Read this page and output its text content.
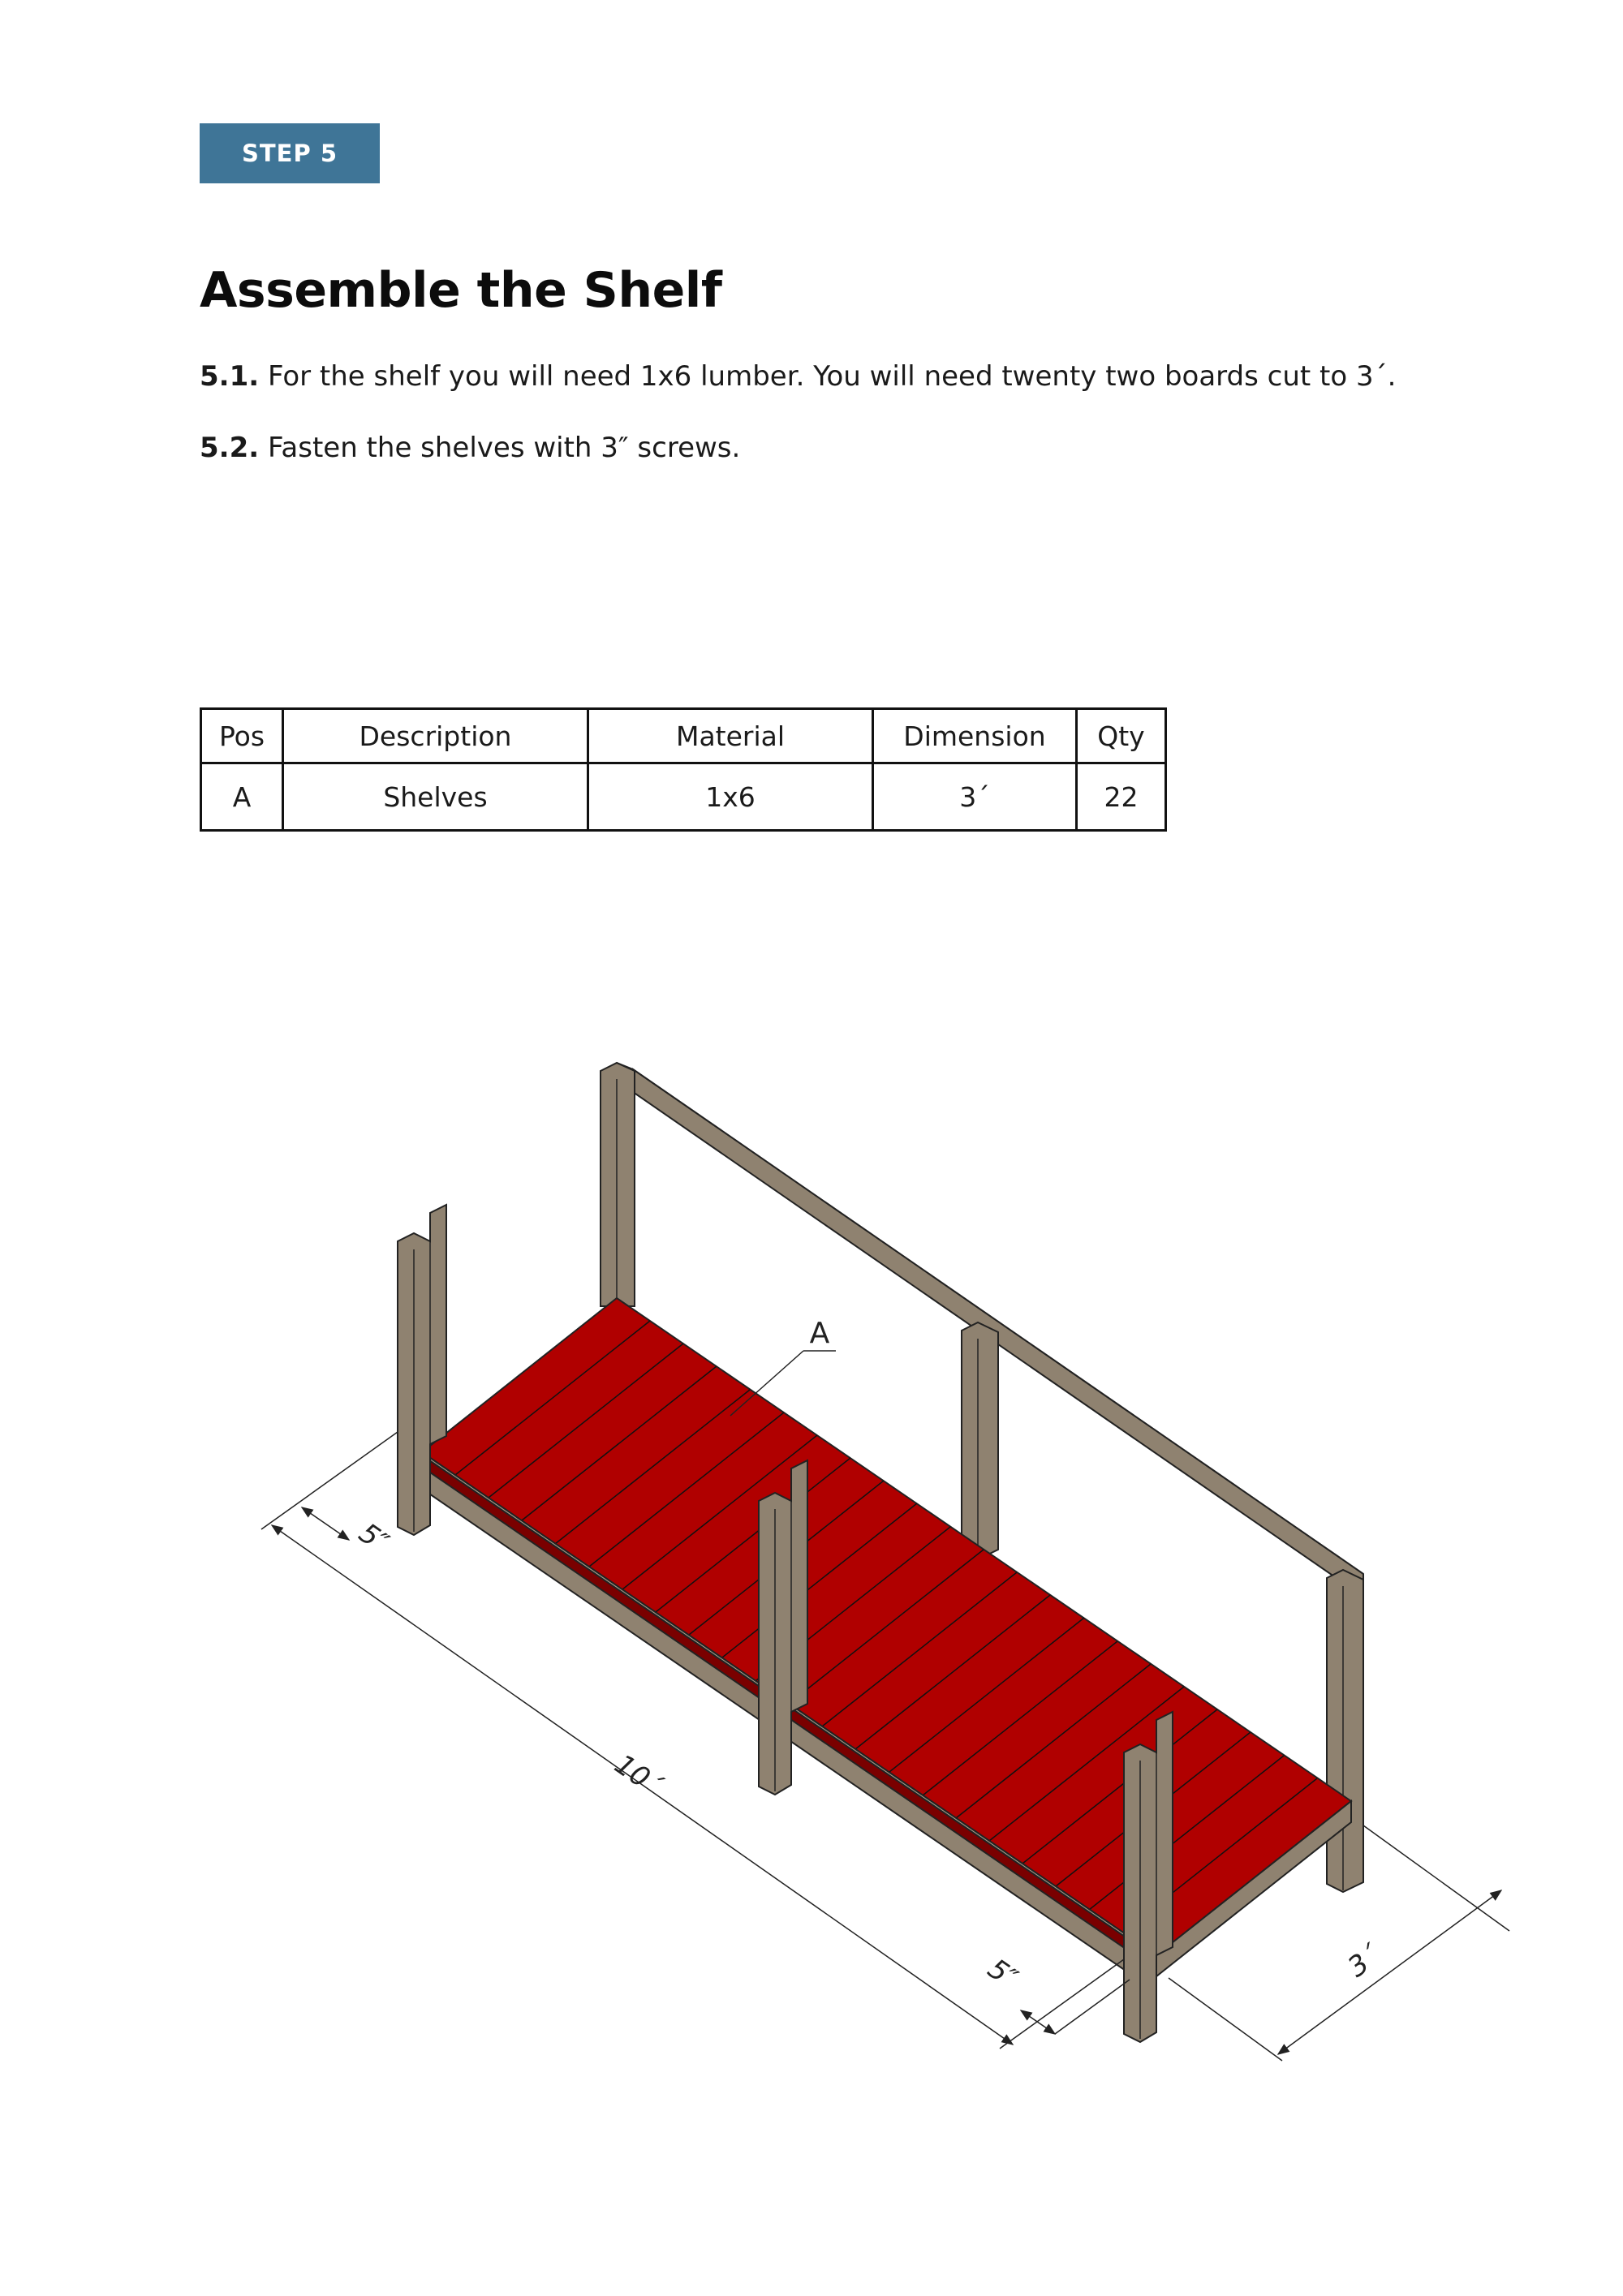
STEP 5
Assemble the Shelf

5.1. For the shelf you will need 1x6 lumber. You will need twenty two boards cut to 3´.

5.2. Fasten the shelves with 3″ screws.

Pos	Description	Material	Dimension	Qty
A	Shelves	1x6	3´	22
A
5″
10´
5″	3´
